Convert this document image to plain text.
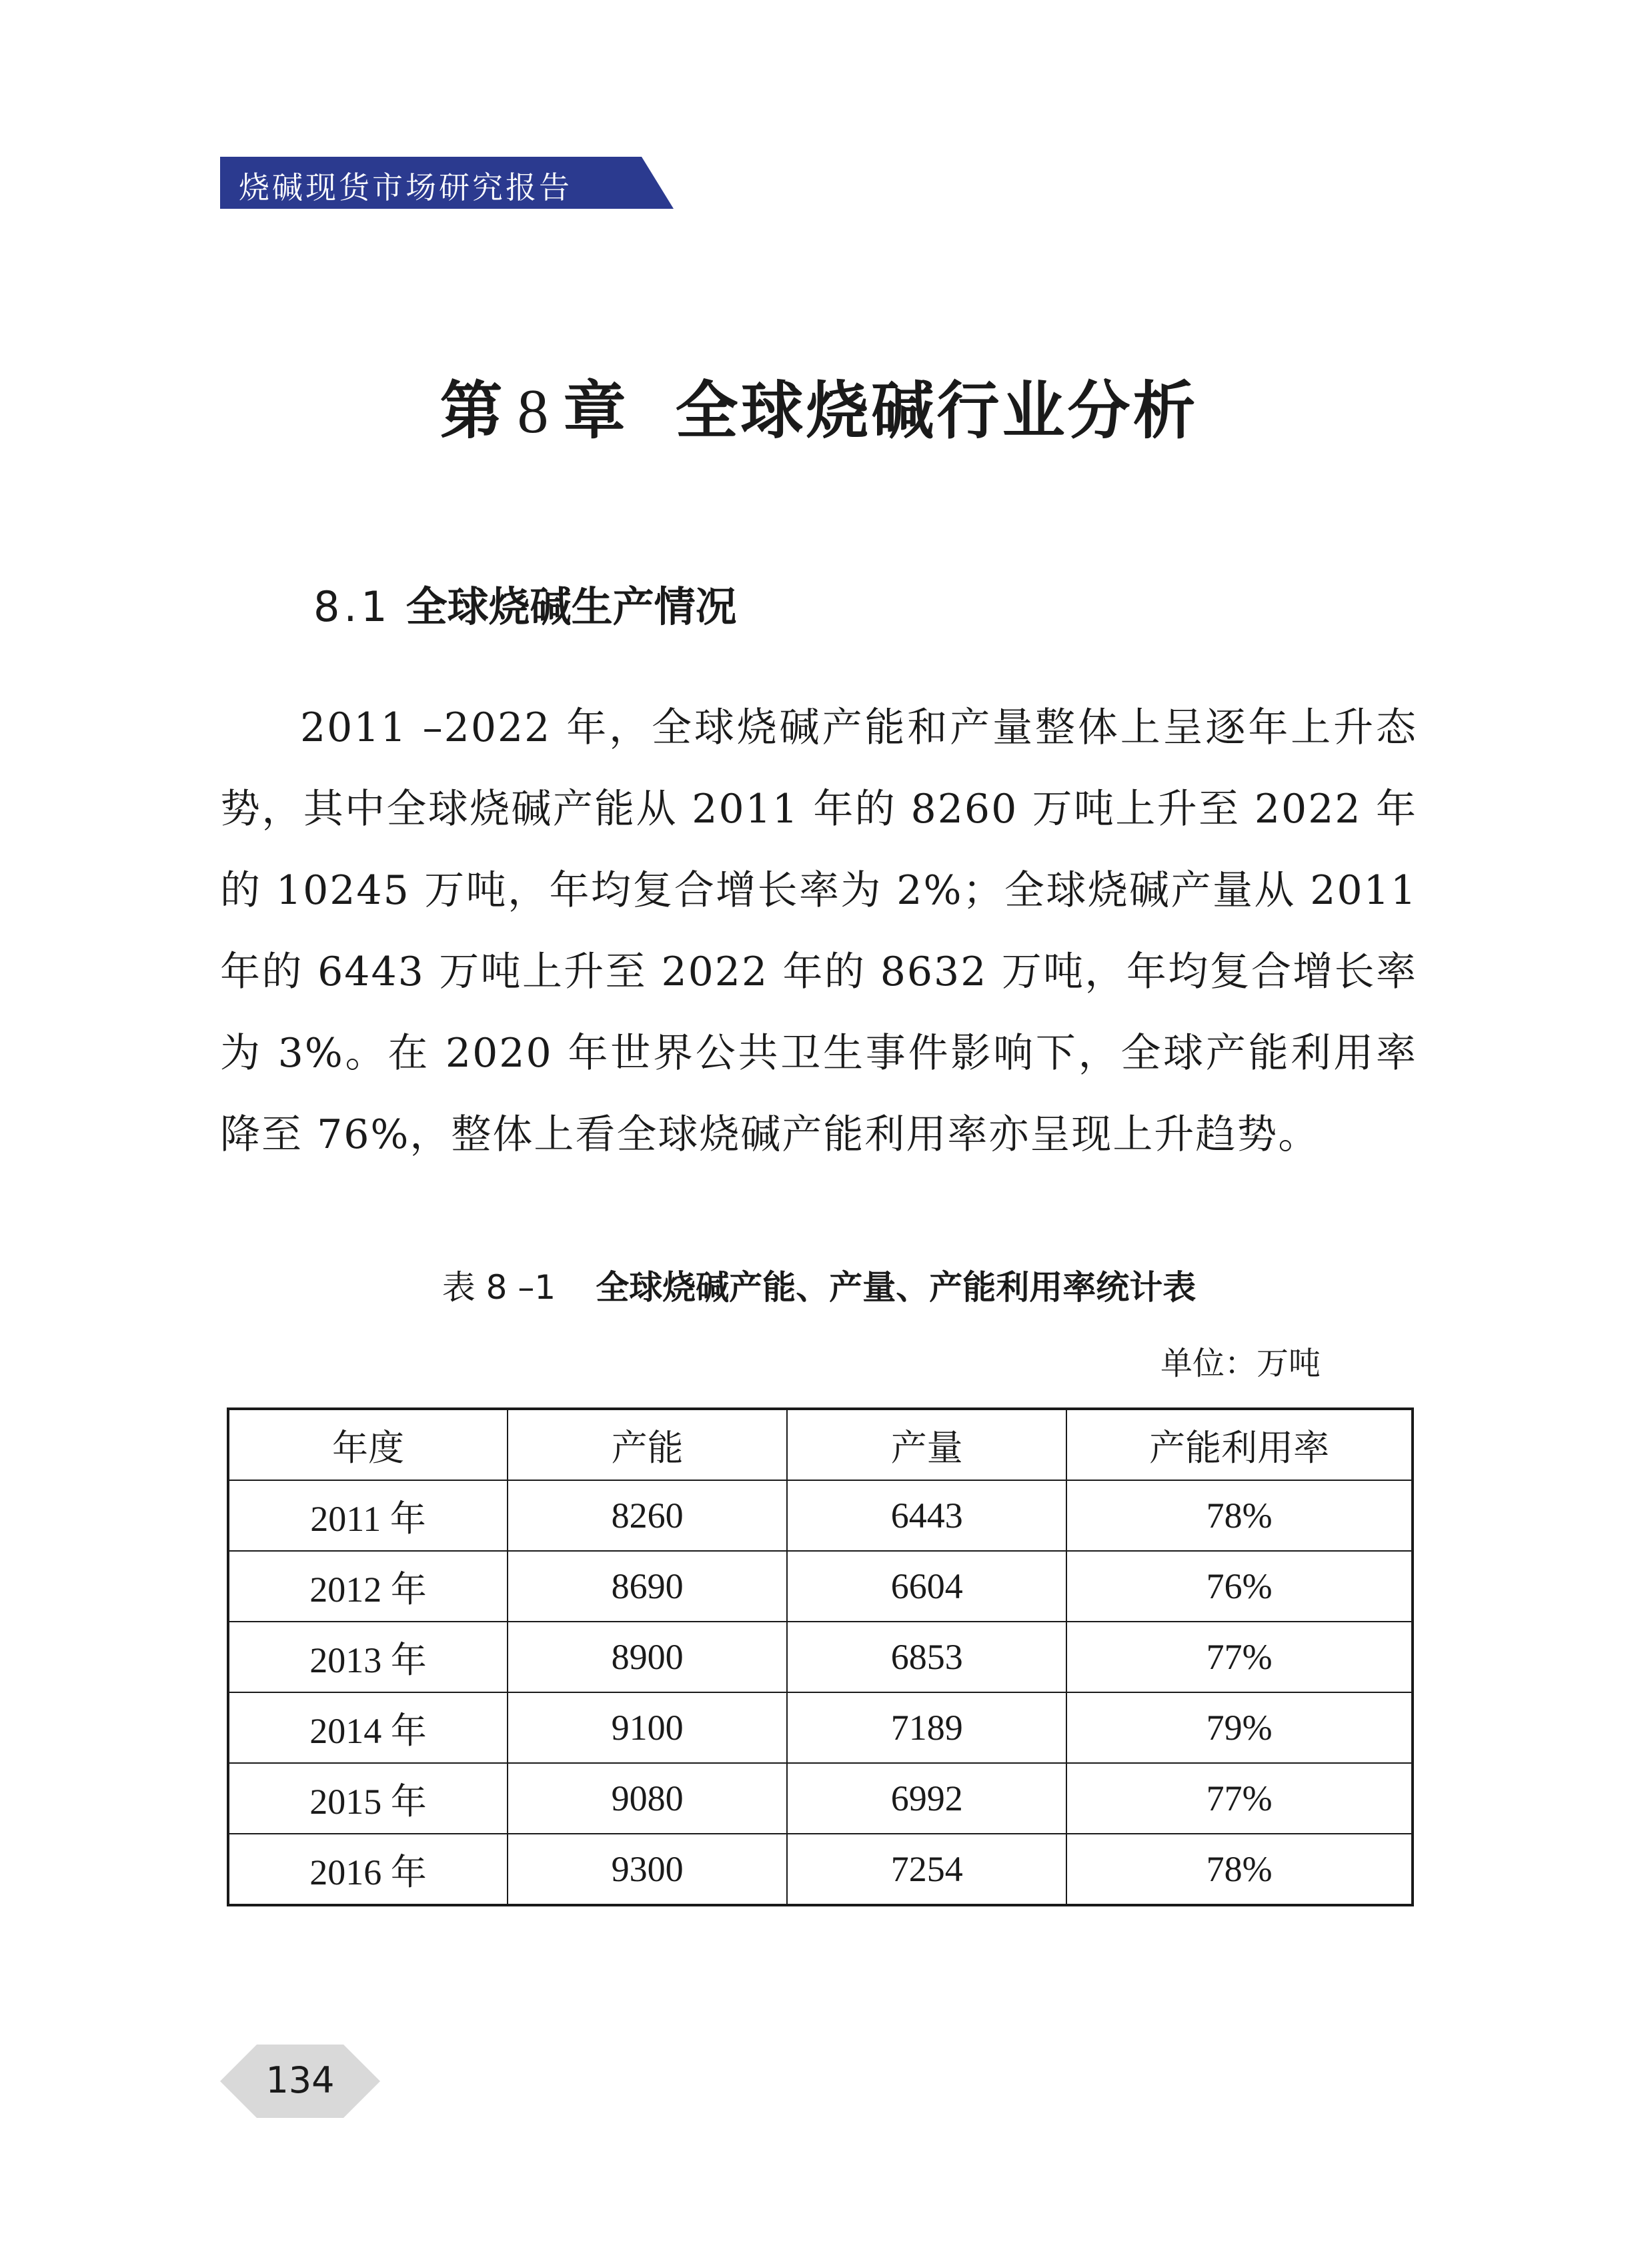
烧碱现货市场研究报告
第 8 章 全球烧碱行业分析
8.1 全球烧碱生产情况

2011 –2022 年，全球烧碱产能和产量整体上呈逐年上升态势，其中全球烧碱产能从 2011 年的 8260 万吨上升至 2022 年的 10245 万吨，年均复合增长率为 2%；全球烧碱产量从 2011 年的 6443 万吨上升至 2022 年的 8632 万吨，年均复合增长率为 3%。在 2020 年世界公共卫生事件影响下，全球产能利用率降至 76%，整体上看全球烧碱产能利用率亦呈现上升趋势。

表 8 –1 全球烧碱产能、产量、产能利用率统计表
单位：万吨
年度	产能	产量	产能利用率
2011 年	8260	6443	78%
2012 年	8690	6604	76%
2013 年	8900	6853	77%
2014 年	9100	7189	79%
2015 年	9080	6992	77%
2016 年	9300	7254	78%
134
